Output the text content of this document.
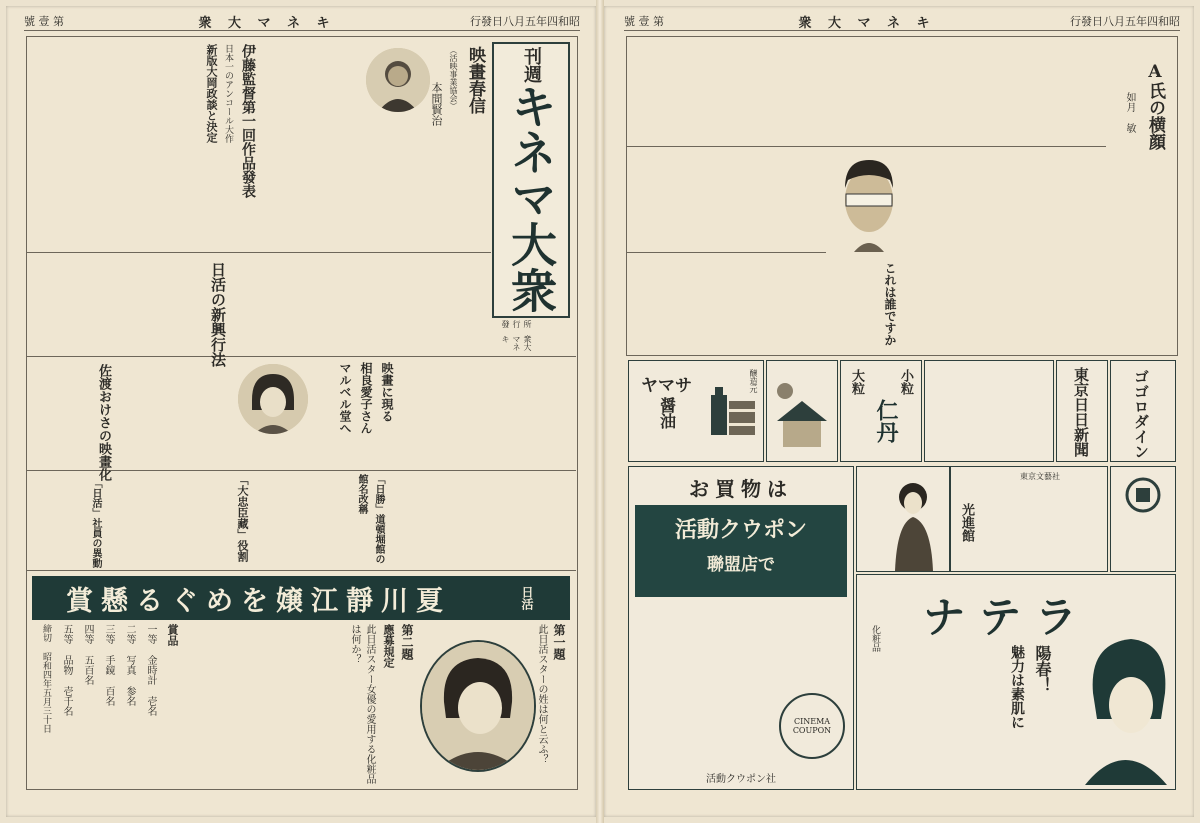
號 壹 第	衆 大 マ ネ キ	行發日八月五年四和昭
刊週
キネマ大衆
所行發
衆大マネキ
映畫春信
（活映事業協会）
本間賢治
伊藤監督第一回作品發表
日本一のアンコール大作
新版大岡政談と決定
日活の新興行法
映畫に現る
相良愛子さん
マルベル堂へ
佐渡おけさの映畫化
「大忠臣藏」役割	「日勝」道頓堀館の
館名改稱
「日活」社員の異動
賞懸るぐめを嬢江靜川夏	日活
第一題
此日活スターの姓は何と云ふ？
第二題
應募規定
此日活スター女優の愛用する化粧品は何か？
賞品
一等 金時計 壱名
二等 写真 参名
三等 手鏡 百名
四等 五百名
五等 品物 壱千名
締切 昭和四年五月三十日
號 壹 第	衆 大 マ ネ キ	行發日八月五年四和昭
A氏の横顔
如月 敏
これは誰ですか
醸造元
ヤマサ
醤油
大粒	小粒
仁丹	東京日日新聞	ゴゴロダイン
お買物は
活動クウポン
聯盟店で
CINEMA COUPON
活動クウポン社
光進館
東京文藝社
ナテラ
化粧品
陽春！
魅力は素肌に
